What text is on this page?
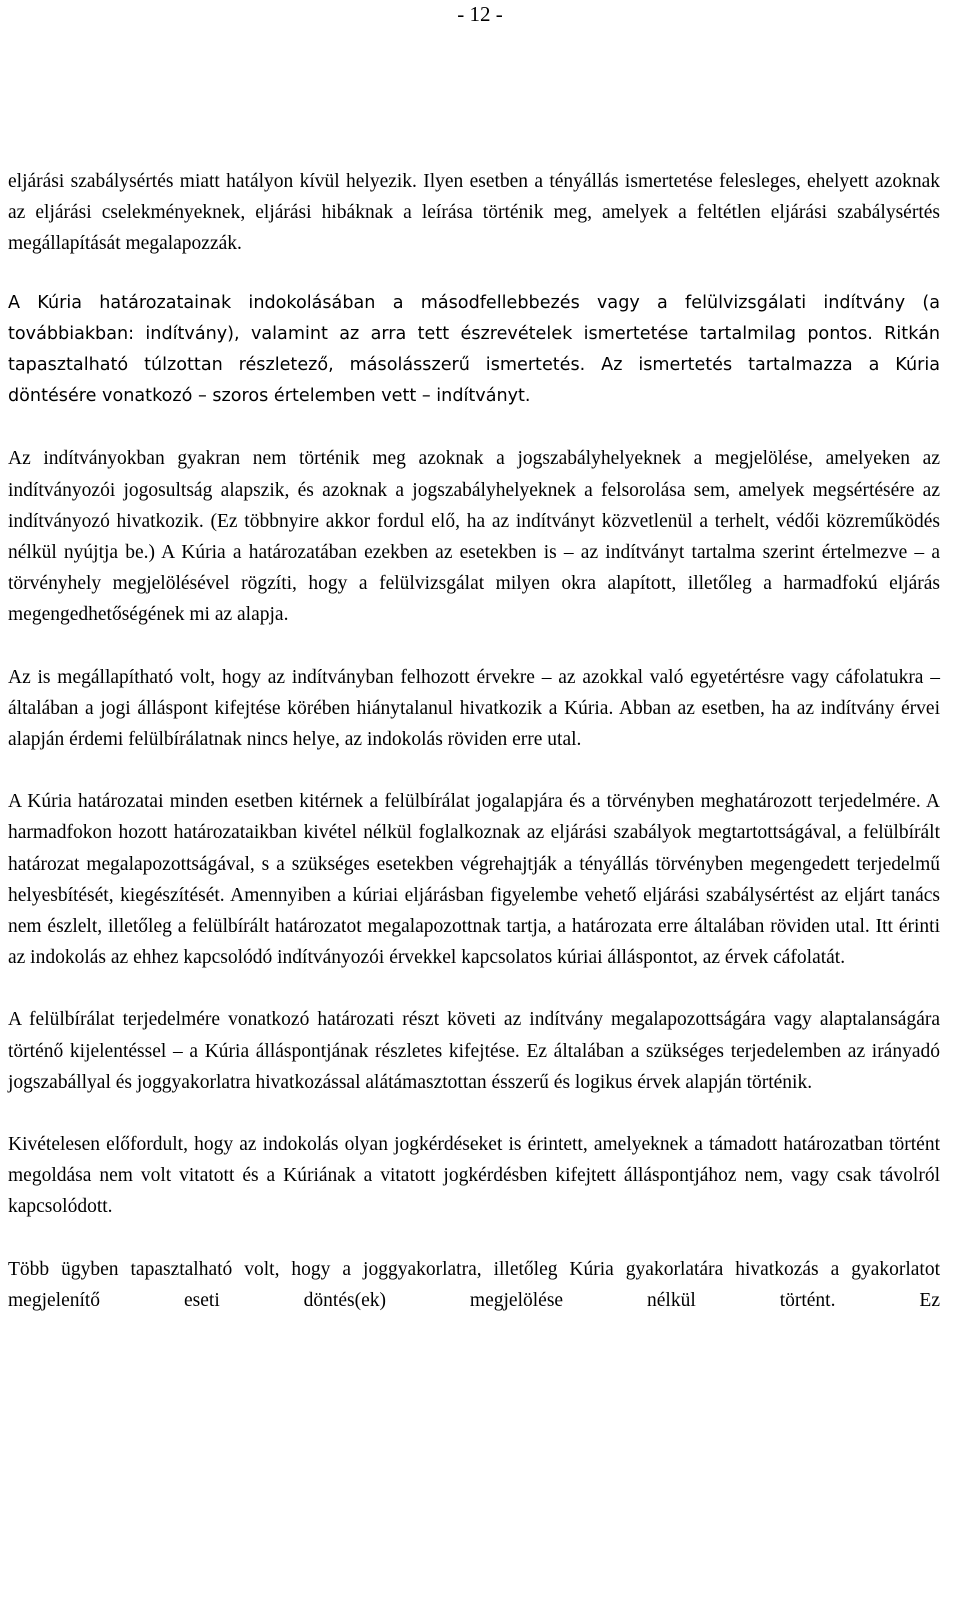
- 12 -

eljárási szabálysértés miatt hatályon kívül helyezik. Ilyen esetben a tényállás ismertetése felesleges, ehelyett azoknak az eljárási cselekményeknek, eljárási hibáknak a leírása történik meg, amelyek a feltétlen eljárási szabálysértés megállapítását megalapozzák.

A Kúria határozatainak indokolásában a másodfellebbezés vagy a felülvizsgálati indítvány (a továbbiakban: indítvány), valamint az arra tett észrevételek ismertetése tartalmilag pontos. Ritkán tapasztalható túlzottan részletező, másolásszerű ismertetés. Az ismertetés tartalmazza a Kúria döntésére vonatkozó – szoros értelemben vett – indítványt.

Az indítványokban gyakran nem történik meg azoknak a jogszabályhelyeknek a megjelölése, amelyeken az indítványozói jogosultság alapszik, és azoknak a jogszabályhelyeknek a felsorolása sem, amelyek megsértésére az indítványozó hivatkozik. (Ez többnyire akkor fordul elő, ha az indítványt közvetlenül a terhelt, védői közreműködés nélkül nyújtja be.) A Kúria a határozatában ezekben az esetekben is – az indítványt tartalma szerint értelmezve – a törvényhely megjelölésével rögzíti, hogy a felülvizsgálat milyen okra alapított, illetőleg a harmadfokú eljárás megengedhetőségének mi az alapja.

Az is megállapítható volt, hogy az indítványban felhozott érvekre – az azokkal való egyetértésre vagy cáfolatukra – általában a jogi álláspont kifejtése körében hiánytalanul hivatkozik a Kúria. Abban az esetben, ha az indítvány érvei alapján érdemi felülbírálatnak nincs helye, az indokolás röviden erre utal.

A Kúria határozatai minden esetben kitérnek a felülbírálat jogalapjára és a törvényben meghatározott terjedelmére. A harmadfokon hozott határozataikban kivétel nélkül foglalkoznak az eljárási szabályok megtartottságával, a felülbírált határozat megalapozottságával, s a szükséges esetekben végrehajtják a tényállás törvényben megengedett terjedelmű helyesbítését, kiegészítését. Amennyiben a kúriai eljárásban figyelembe vehető eljárási szabálysértést az eljárt tanács nem észlelt, illetőleg a felülbírált határozatot megalapozottnak tartja, a határozata erre általában röviden utal. Itt érinti az indokolás az ehhez kapcsolódó indítványozói érvekkel kapcsolatos kúriai álláspontot, az érvek cáfolatát.

A felülbírálat terjedelmére vonatkozó határozati részt követi az indítvány megalapozottságára vagy alaptalanságára történő kijelentéssel – a Kúria álláspontjának részletes kifejtése. Ez általában a szükséges terjedelemben az irányadó jogszabállyal és joggyakorlatra hivatkozással alátámasztottan ésszerű és logikus érvek alapján történik.

Kivételesen előfordult, hogy az indokolás olyan jogkérdéseket is érintett, amelyeknek a támadott határozatban történt megoldása nem volt vitatott és a Kúriának a vitatott jogkérdésben kifejtett álláspontjához nem, vagy csak távolról kapcsolódott.

Több ügyben tapasztalható volt, hogy a joggyakorlatra, illetőleg Kúria gyakorlatára hivatkozás a gyakorlatot megjelenítő eseti döntés(ek) megjelölése nélkül történt. Ez
